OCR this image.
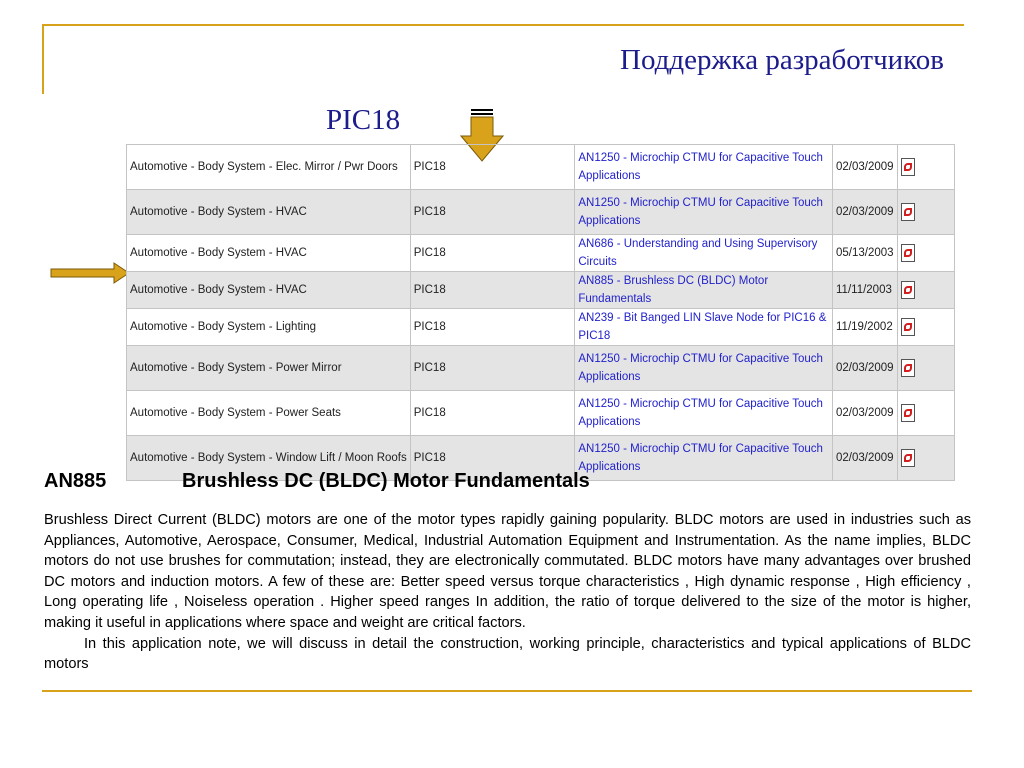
Поддержка разработчиков
PIC18
Automotive - Body System - Elec. Mirror / Pwr Doors	PIC18	AN1250 - Microchip CTMU for Capacitive Touch Applications	02/03/2009	
Automotive - Body System - HVAC	PIC18	AN1250 - Microchip CTMU for Capacitive Touch Applications	02/03/2009	
Automotive - Body System - HVAC	PIC18	AN686 - Understanding and Using Supervisory Circuits	05/13/2003	
Automotive - Body System - HVAC	PIC18	AN885 - Brushless DC (BLDC) Motor Fundamentals	11/11/2003	
Automotive - Body System - Lighting	PIC18	AN239 - Bit Banged LIN Slave Node for PIC16 & PIC18	11/19/2002	
Automotive - Body System - Power Mirror	PIC18	AN1250 - Microchip CTMU for Capacitive Touch Applications	02/03/2009	
Automotive - Body System - Power Seats	PIC18	AN1250 - Microchip CTMU for Capacitive Touch Applications	02/03/2009	
Automotive - Body System - Window Lift / Moon Roofs	PIC18	AN1250 - Microchip CTMU for Capacitive Touch Applications	02/03/2009	
AN885	Brushless DC (BLDC) Motor Fundamentals

Brushless Direct Current (BLDC) motors are one of the motor types rapidly gaining popularity. BLDC motors are used in industries such as Appliances, Automotive, Aerospace, Consumer, Medical, Industrial Automation Equipment and Instrumentation. As the name implies, BLDC motors do not use brushes for commutation; instead, they are electronically commutated. BLDC motors have many advantages over brushed DC motors and induction motors. A few of these are: Better speed versus torque characteristics , High dynamic response , High efficiency , Long operating life , Noiseless operation . Higher speed ranges In addition, the ratio of torque delivered to the size of the motor is higher, making it useful in applications where space and weight are critical factors.

In this application note, we will discuss in detail the construction, working principle, characteristics and typical applications of BLDC motors
